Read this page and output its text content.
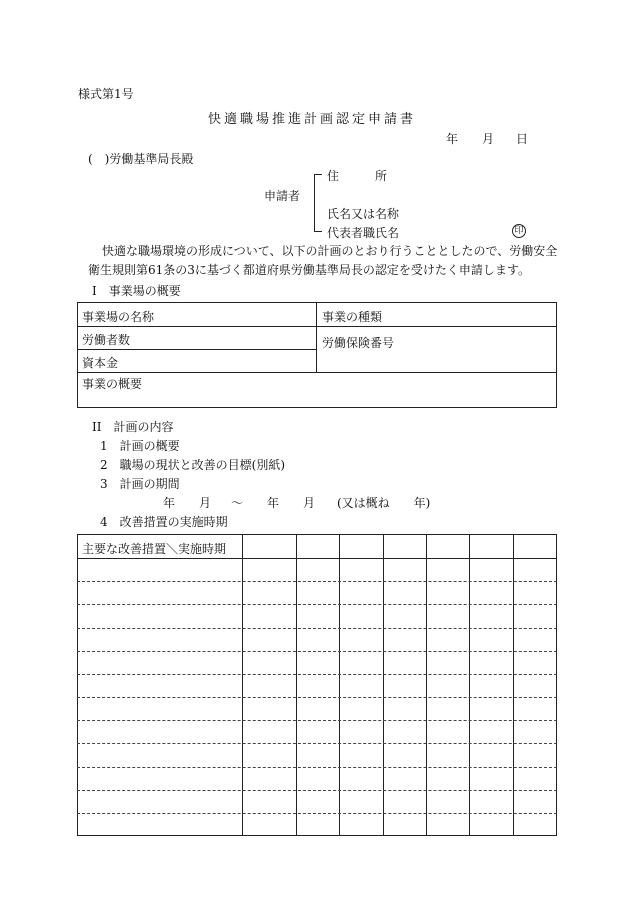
様式第1号
快適職場推進計画認定申請書
年 月 日
(　)労働基準局長殿
申請者
住　　　所
氏名又は名称
代表者職氏名	印
快適な職場環境の形成について、以下の計画のとおり行うこととしたので、労働安全
衛生規則第61条の3に基づく都道府県労働基準局長の認定を受けたく申請します。
I　事業場の概要
事業場の名称	事業の種類
労働者数	労働保険番号
資本金
事業の概要
II　計画の内容
1　計画の概要
2　職場の現状と改善の目標(別紙)
3　計画の期間
年 月 〜 年 月 (又は概ね　　年)
4　改善措置の実施時期
主要な改善措置＼実施時期
